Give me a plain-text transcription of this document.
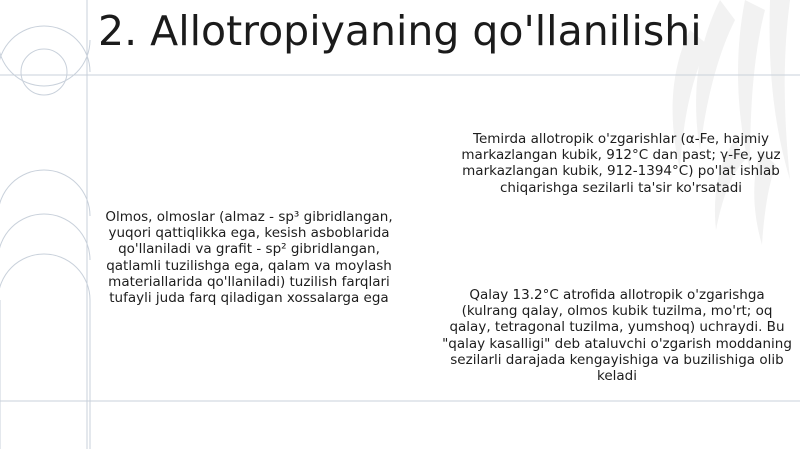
2. Allotropiyaning qo'llanilishi
Olmos, olmoslar (almaz - sp³ gibridlangan, yuqori qattiqlikka ega, kesish asboblarida qo'llaniladi va grafit - sp² gibridlangan, qatlamli tuzilishga ega, qalam va moylash materiallarida qo'llaniladi) tuzilish farqlari tufayli juda farq qiladigan xossalarga ega
Temirda allotropik o'zgarishlar (α-Fe, hajmiy markazlangan kubik, 912°C dan past; γ-Fe, yuz markazlangan kubik, 912-1394°C) po'lat ishlab chiqarishga sezilarli ta'sir ko'rsatadi
Qalay 13.2°C atrofida allotropik o'zgarishga (kulrang qalay, olmos kubik tuzilma, mo'rt; oq qalay, tetragonal tuzilma, yumshoq) uchraydi. Bu "qalay kasalligi" deb ataluvchi o'zgarish moddaning sezilarli darajada kengayishiga va buzilishiga olib keladi
